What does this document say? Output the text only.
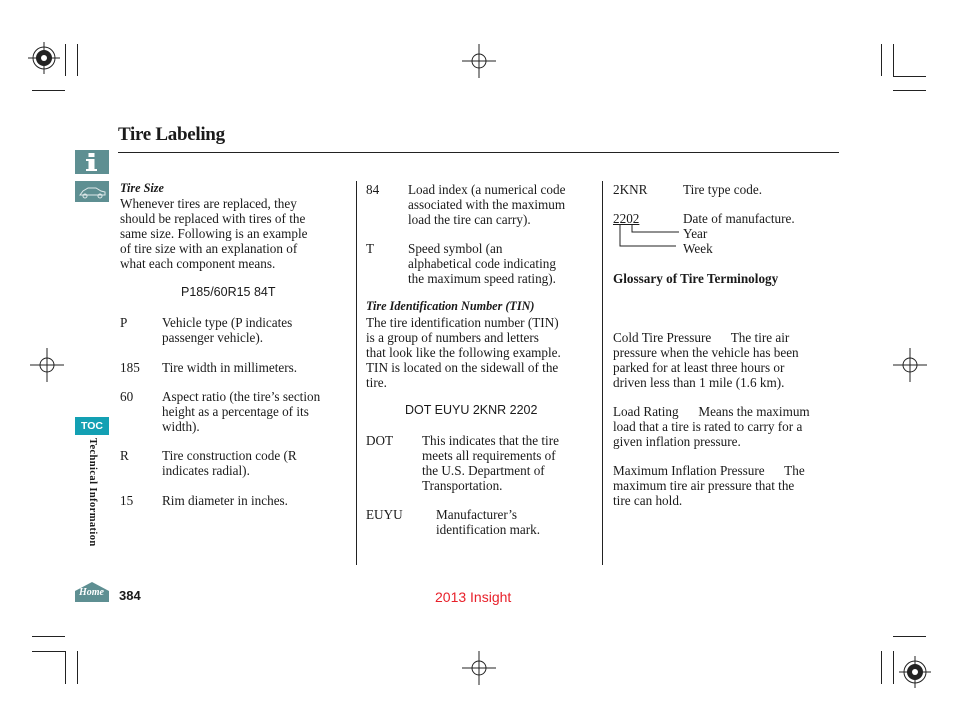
Tire Labeling
TOC
Technical Information
Home 384	2013 Insight
Tire Size
Whenever tires are replaced, they
should be replaced with tires of the
same size. Following is an example
of tire size with an explanation of
what each component means.
P185/60R15 84T
P	Vehicle type (P indicates
passenger vehicle).
185 Tire width in millimeters.
60 Aspect ratio (the tire’s section
height as a percentage of its
width).
R	Tire construction code (R
indicates radial).
15 Rim diameter in inches.
84 Load index (a numerical code
associated with the maximum
load the tire can carry).
T	Speed symbol (an
alphabetical code indicating
the maximum speed rating).
Tire Identification Number (TIN)
The tire identification number (TIN)
is a group of numbers and letters
that look like the following example.
TIN is located on the sidewall of the
tire.
DOT EUYU 2KNR 2202
DOT This indicates that the tire
meets all requirements of
the U.S. Department of
Transportation.
EUYU	Manufacturer’s
identification mark.
2KNR	Tire type code.
2202	Date of manufacture.
Year
Week
Glossary of Tire Terminology

Cold Tire Pressure      The tire air
pressure when the vehicle has been
parked for at least three hours or
driven less than 1 mile (1.6 km).

Load Rating      Means the maximum
load that a tire is rated to carry for a
given inflation pressure.

Maximum Inflation Pressure      The
maximum tire air pressure that the
tire can hold.
